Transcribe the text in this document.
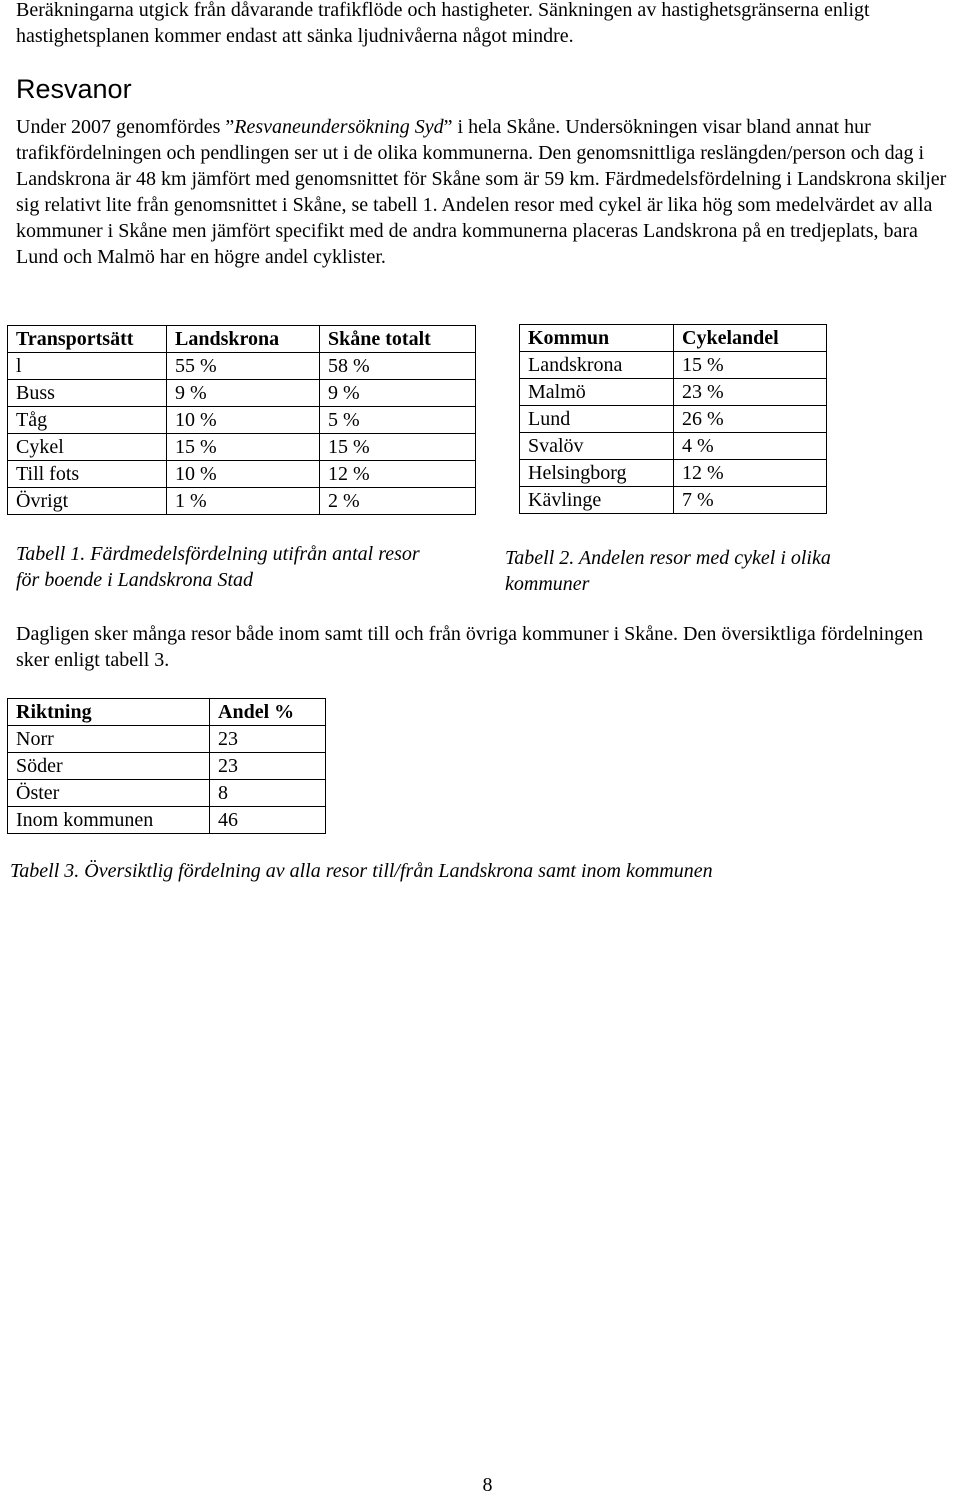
Beräkningarna utgick från dåvarande trafikflöde och hastigheter. Sänkningen av hastighetsgränserna enligt hastighetsplanen kommer endast att sänka ljudnivåerna något mindre.

Resvanor

Under 2007 genomfördes ”Resvaneundersökning Syd” i hela Skåne. Undersökningen visar bland annat hur trafikfördelningen och pendlingen ser ut i de olika kommunerna. Den genomsnittliga reslängden/person och dag i Landskrona är 48 km jämfört med genomsnittet för Skåne som är 59 km. Färdmedelsfördelning i Landskrona skiljer sig relativt lite från genomsnittet i Skåne, se tabell 1. Andelen resor med cykel är lika hög som medelvärdet av alla kommuner i Skåne men jämfört specifikt med de andra kommunerna placeras Landskrona på en tredjeplats, bara Lund och Malmö har en högre andel cyklister.

Transportsätt	Landskrona	Skåne totalt

l	55 %	58 %

Buss	9 %	9 %

Tåg	10 %	5 %

Cykel	15 %	15 %

Till fots	10 %	12 %

Övrigt	1 %	2 %
Kommun	Cykelandel

Landskrona	15 %

Malmö	23 %

Lund	26 %

Svalöv	4 %

Helsingborg	12 %

Kävlinge	7 %

Tabell 1. Färdmedelsfördelning utifrån antal resor för boende i Landskrona Stad

Tabell 2. Andelen resor med cykel i olika kommuner

Dagligen sker många resor både inom samt till och från övriga kommuner i Skåne. Den översiktliga fördelningen sker enligt tabell 3.

Riktning	Andel %

Norr	23

Söder	23

Öster	8

Inom kommunen	46

Tabell 3. Översiktlig fördelning av alla resor till/från Landskrona samt inom kommunen

8
